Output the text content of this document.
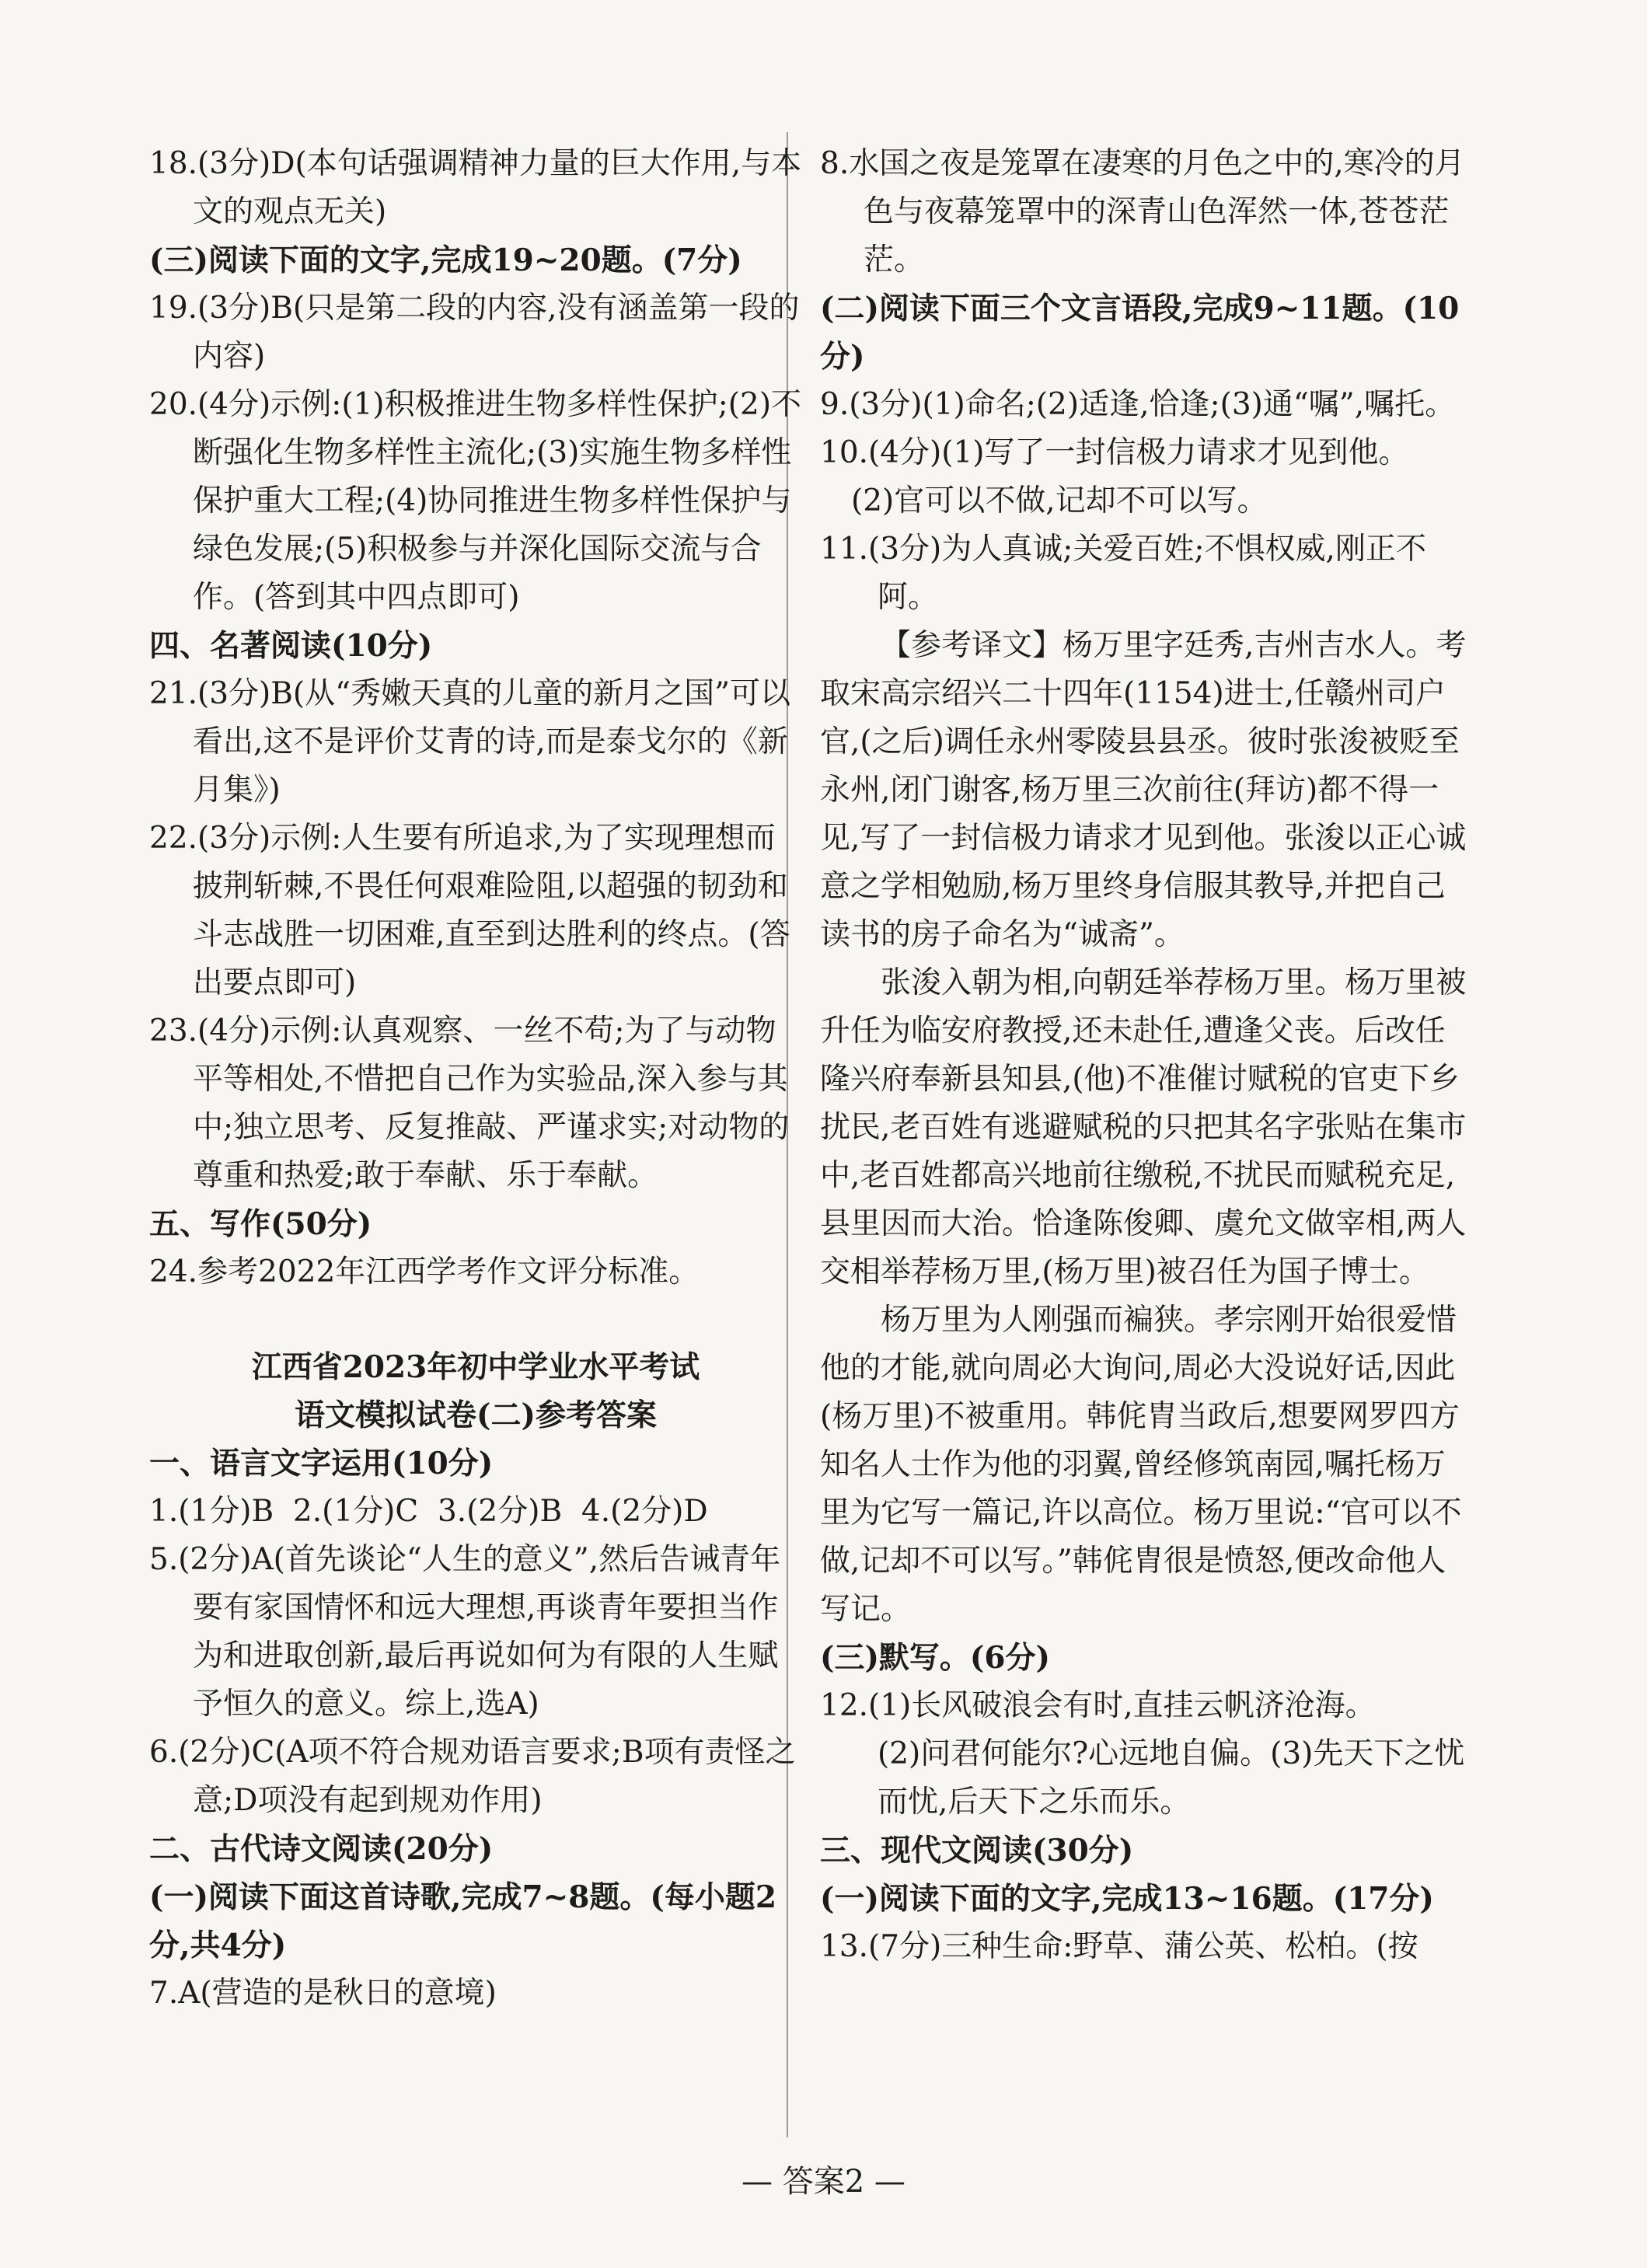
18.(3分)D(本句话强调精神力量的巨大作用,与本文的观点无关)

(三)阅读下面的文字,完成19~20题。(7分)

19.(3分)B(只是第二段的内容,没有涵盖第一段的内容)

20.(4分)示例:(1)积极推进生物多样性保护;(2)不断强化生物多样性主流化;(3)实施生物多样性保护重大工程;(4)协同推进生物多样性保护与绿色发展;(5)积极参与并深化国际交流与合作。(答到其中四点即可)

四、名著阅读(10分)

21.(3分)B(从“秀嫩天真的儿童的新月之国”可以看出,这不是评价艾青的诗,而是泰戈尔的《新月集》)

22.(3分)示例:人生要有所追求,为了实现理想而披荆斩棘,不畏任何艰难险阻,以超强的韧劲和斗志战胜一切困难,直至到达胜利的终点。(答出要点即可)

23.(4分)示例:认真观察、一丝不苟;为了与动物平等相处,不惜把自己作为实验品,深入参与其中;独立思考、反复推敲、严谨求实;对动物的尊重和热爱;敢于奉献、乐于奉献。

五、写作(50分)

24.参考2022年江西学考作文评分标准。

江西省2023年初中学业水平考试

语文模拟试卷(二)参考答案

一、语言文字运用(10分)

1.(1分)B  2.(1分)C  3.(2分)B  4.(2分)D

5.(2分)A(首先谈论“人生的意义”,然后告诫青年要有家国情怀和远大理想,再谈青年要担当作为和进取创新,最后再说如何为有限的人生赋予恒久的意义。综上,选A)

6.(2分)C(A项不符合规劝语言要求;B项有责怪之意;D项没有起到规劝作用)

二、古代诗文阅读(20分)

(一)阅读下面这首诗歌,完成7~8题。(每小题2分,共4分)

7.A(营造的是秋日的意境)

8.水国之夜是笼罩在凄寒的月色之中的,寒冷的月色与夜幕笼罩中的深青山色浑然一体,苍苍茫茫。

(二)阅读下面三个文言语段,完成9~11题。(10分)

9.(3分)(1)命名;(2)适逢,恰逢;(3)通“嘱”,嘱托。

10.(4分)(1)写了一封信极力请求才见到他。

(2)官可以不做,记却不可以写。

11.(3分)为人真诚;关爱百姓;不惧权威,刚正不阿。

【参考译文】杨万里字廷秀,吉州吉水人。考取宋高宗绍兴二十四年(1154)进士,任赣州司户官,(之后)调任永州零陵县县丞。彼时张浚被贬至永州,闭门谢客,杨万里三次前往(拜访)都不得一见,写了一封信极力请求才见到他。张浚以正心诚意之学相勉励,杨万里终身信服其教导,并把自己读书的房子命名为“诚斋”。

张浚入朝为相,向朝廷举荐杨万里。杨万里被升任为临安府教授,还未赴任,遭逢父丧。后改任隆兴府奉新县知县,(他)不准催讨赋税的官吏下乡扰民,老百姓有逃避赋税的只把其名字张贴在集市中,老百姓都高兴地前往缴税,不扰民而赋税充足,县里因而大治。恰逢陈俊卿、虞允文做宰相,两人交相举荐杨万里,(杨万里)被召任为国子博士。

杨万里为人刚强而褊狭。孝宗刚开始很爱惜他的才能,就向周必大询问,周必大没说好话,因此(杨万里)不被重用。韩侂胄当政后,想要网罗四方知名人士作为他的羽翼,曾经修筑南园,嘱托杨万里为它写一篇记,许以高位。杨万里说:“官可以不做,记却不可以写。”韩侂胄很是愤怒,便改命他人写记。

(三)默写。(6分)

12.(1)长风破浪会有时,直挂云帆济沧海。

(2)问君何能尔?心远地自偏。(3)先天下之忧而忧,后天下之乐而乐。

三、现代文阅读(30分)

(一)阅读下面的文字,完成13~16题。(17分)

13.(7分)三种生命:野草、蒲公英、松柏。(按

— 答案2 —
